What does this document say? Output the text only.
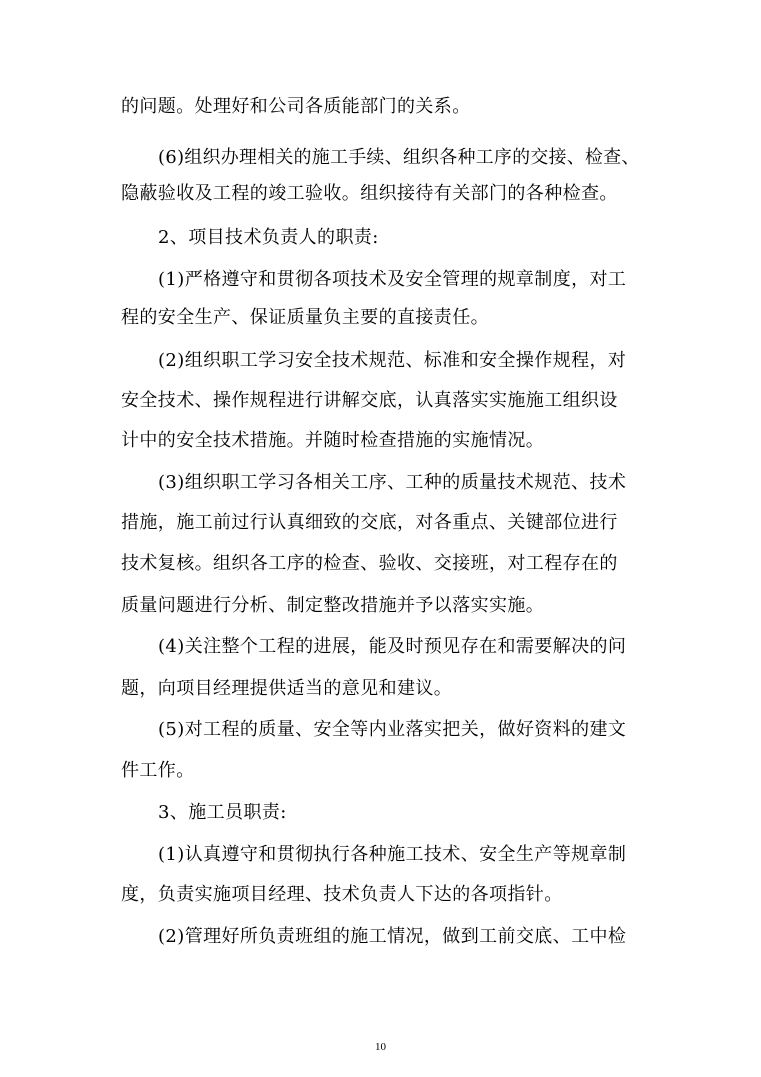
的问题。处理好和公司各质能部门的关系。
(6)组织办理相关的施工手续、组织各种工序的交接、检查、
隐蔽验收及工程的竣工验收。组织接待有关部门的各种检查。
2、项目技术负责人的职责:
(1)严格遵守和贯彻各项技术及安全管理的规章制度，对工
程的安全生产、保证质量负主要的直接责任。
(2)组织职工学习安全技术规范、标准和安全操作规程，对
安全技术、操作规程进行讲解交底，认真落实实施施工组织设
计中的安全技术措施。并随时检查措施的实施情况。
(3)组织职工学习各相关工序、工种的质量技术规范、技术
措施，施工前过行认真细致的交底，对各重点、关键部位进行
技术复核。组织各工序的检查、验收、交接班，对工程存在的
质量问题进行分析、制定整改措施并予以落实实施。
(4)关注整个工程的进展，能及时预见存在和需要解决的问
题，向项目经理提供适当的意见和建议。
(5)对工程的质量、安全等内业落实把关，做好资料的建文
件工作。
3、施工员职责:
(1)认真遵守和贯彻执行各种施工技术、安全生产等规章制
度，负责实施项目经理、技术负责人下达的各项指针。
(2)管理好所负责班组的施工情况，做到工前交底、工中检
10
